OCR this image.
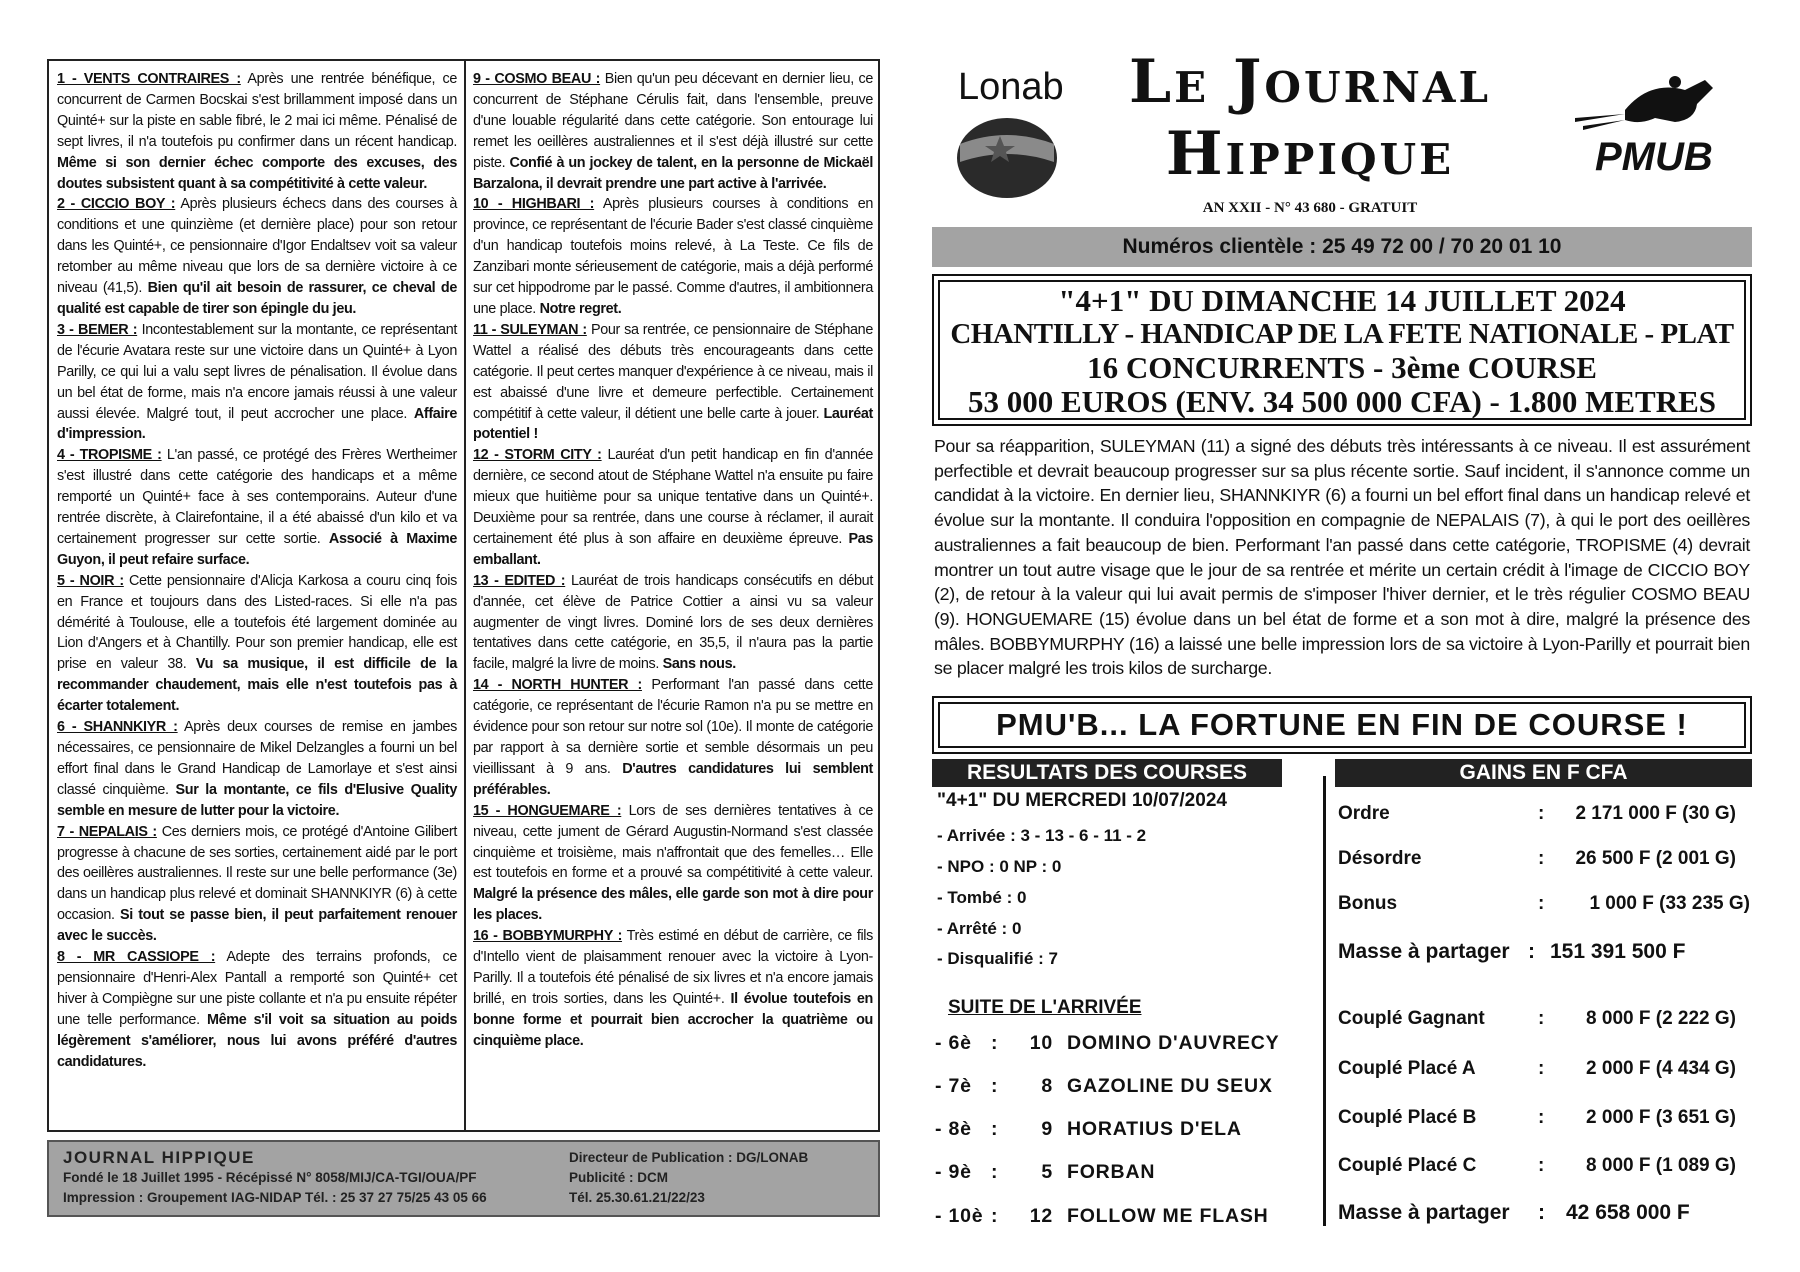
1 - VENTS CONTRAIRES : Après une rentrée bénéfique, ce concurrent de Carmen Bocskai s'est brillamment imposé dans un Quinté+ sur la piste en sable fibré, le 2 mai ici même. Pénalisé de sept livres, il n'a toutefois pu confirmer dans un récent handicap. Même si son dernier échec comporte des excuses, des doutes subsistent quant à sa compétitivité à cette valeur.
2 - CICCIO BOY : Après plusieurs échecs dans des courses à conditions et une quinzième (et dernière place) pour son retour dans les Quinté+, ce pensionnaire d'Igor Endaltsev voit sa valeur retomber au même niveau que lors de sa dernière victoire à ce niveau (41,5). Bien qu'il ait besoin de rassurer, ce cheval de qualité est capable de tirer son épingle du jeu.
3 - BEMER : Incontestablement sur la montante, ce représentant de l'écurie Avatara reste sur une victoire dans un Quinté+ à Lyon Parilly, ce qui lui a valu sept livres de pénalisation. Il évolue dans un bel état de forme, mais n'a encore jamais réussi à une valeur aussi élevée. Malgré tout, il peut accrocher une place. Affaire d'impression.
4 - TROPISME : L'an passé, ce protégé des Frères Wertheimer s'est illustré dans cette catégorie des handicaps et a même remporté un Quinté+ face à ses contemporains. Auteur d'une rentrée discrète, à Clairefontaine, il a été abaissé d'un kilo et va certainement progresser sur cette sortie. Associé à Maxime Guyon, il peut refaire surface.
5 - NOIR : Cette pensionnaire d'Alicja Karkosa a couru cinq fois en France et toujours dans des Listed-races. Si elle n'a pas démérité à Toulouse, elle a toutefois été largement dominée au Lion d'Angers et à Chantilly. Pour son premier handicap, elle est prise en valeur 38. Vu sa musique, il est difficile de la recommander chaudement, mais elle n'est toutefois pas à écarter totalement.
6 - SHANNKIYR : Après deux courses de remise en jambes nécessaires, ce pensionnaire de Mikel Delzangles a fourni un bel effort final dans le Grand Handicap de Lamorlaye et s'est ainsi classé cinquième. Sur la montante, ce fils d'Elusive Quality semble en mesure de lutter pour la victoire.
7 - NEPALAIS : Ces derniers mois, ce protégé d'Antoine Gilibert progresse à chacune de ses sorties, certainement aidé par le port des oeillères australiennes. Il reste sur une belle performance (3e) dans un handicap plus relevé et dominait SHANNKIYR (6) à cette occasion. Si tout se passe bien, il peut parfaitement renouer avec le succès.
8 - MR CASSIOPE : Adepte des terrains profonds, ce pensionnaire d'Henri-Alex Pantall a remporté son Quinté+ cet hiver à Compiègne sur une piste collante et n'a pu ensuite répéter une telle performance. Même s'il voit sa situation au poids légèrement s'améliorer, nous lui avons préféré d'autres candidatures.
9 - COSMO BEAU : Bien qu'un peu décevant en dernier lieu, ce concurrent de Stéphane Cérulis fait, dans l'ensemble, preuve d'une louable régularité dans cette catégorie. Son entourage lui remet les oeillères australiennes et il s'est déjà illustré sur cette piste. Confié à un jockey de talent, en la personne de Mickaël Barzalona, il devrait prendre une part active à l'arrivée.
10 - HIGHBARI : Après plusieurs courses à conditions en province, ce représentant de l'écurie Bader s'est classé cinquième d'un handicap toutefois moins relevé, à La Teste. Ce fils de Zanzibari monte sérieusement de catégorie, mais a déjà performé sur cet hippodrome par le passé. Comme d'autres, il ambitionnera une place. Notre regret.
11 - SULEYMAN : Pour sa rentrée, ce pensionnaire de Stéphane Wattel a réalisé des débuts très encourageants dans cette catégorie. Il peut certes manquer d'expérience à ce niveau, mais il est abaissé d'une livre et demeure perfectible. Certainement compétitif à cette valeur, il détient une belle carte à jouer. Lauréat potentiel !
12 - STORM CITY : Lauréat d'un petit handicap en fin d'année dernière, ce second atout de Stéphane Wattel n'a ensuite pu faire mieux que huitième pour sa unique tentative dans un Quinté+. Deuxième pour sa rentrée, dans une course à réclamer, il aurait certainement été plus à son affaire en deuxième épreuve. Pas emballant.
13 - EDITED : Lauréat de trois handicaps consécutifs en début d'année, cet élève de Patrice Cottier a ainsi vu sa valeur augmenter de vingt livres. Dominé lors de ses deux dernières tentatives dans cette catégorie, en 35,5, il n'aura pas la partie facile, malgré la livre de moins. Sans nous.
14 - NORTH HUNTER : Performant l'an passé dans cette catégorie, ce représentant de l'écurie Ramon n'a pu se mettre en évidence pour son retour sur notre sol (10e). Il monte de catégorie par rapport à sa dernière sortie et semble désormais un peu vieillissant à 9 ans. D'autres candidatures lui semblent préférables.
15 - HONGUEMARE : Lors de ses dernières tentatives à ce niveau, cette jument de Gérard Augustin-Normand s'est classée cinquième et troisième, mais n'affrontait que des femelles… Elle est toutefois en forme et a prouvé sa compétitivité à cette valeur. Malgré la présence des mâles, elle garde son mot à dire pour les places.
16 - BOBBYMURPHY : Très estimé en début de carrière, ce fils d'Intello vient de plaisamment renouer avec la victoire à Lyon-Parilly. Il a toutefois été pénalisé de six livres et n'a encore jamais brillé, en trois sorties, dans les Quinté+. Il évolue toutefois en bonne forme et pourrait bien accrocher la quatrième ou cinquième place.
JOURNAL HIPPIQUE
Fondé le 18 Juillet 1995 - Récépissé N° 8058/MIJ/CA-TGI/OUA/PF
Impression : Groupement IAG-NIDAP Tél. : 25 37 27 75/25 43 05 66
Directeur de Publication : DG/LONAB
Publicité : DCM
Tél. 25.30.61.21/22/23
Lonab	Le Journal
Hippique
AN XXII - N° 43 680 - GRATUIT
PMUB
Numéros clientèle : 25 49 72 00 / 70 20 01 10
"4+1" DU DIMANCHE 14 JUILLET 2024
CHANTILLY - HANDICAP DE LA FETE NATIONALE - PLAT
16 CONCURRENTS - 3ème COURSE
53 000 EUROS (ENV. 34 500 000 CFA) - 1.800 METRES
Pour sa réapparition, SULEYMAN (11) a signé des débuts très intéressants à ce niveau. Il est assurément perfectible et devrait beaucoup progresser sur sa plus récente sortie. Sauf incident, il s'annonce comme un candidat à la victoire. En dernier lieu, SHANNKIYR (6) a fourni un bel effort final dans un handicap relevé et évolue sur la montante. Il conduira l'opposition en compagnie de NEPALAIS (7), à qui le port des oeillères australiennes a fait beaucoup de bien. Performant l'an passé dans cette catégorie, TROPISME (4) devrait montrer un tout autre visage que le jour de sa rentrée et mérite un certain crédit à l'image de CICCIO BOY (2), de retour à la valeur qui lui avait permis de s'imposer l'hiver dernier, et le très régulier COSMO BEAU (9). HONGUEMARE (15) évolue dans un bel état de forme et a son mot à dire, malgré la présence des mâles. BOBBYMURPHY (16) a laissé une belle impression lors de sa victoire à Lyon-Parilly et pourrait bien se placer malgré les trois kilos de surcharge.
PMU'B... LA FORTUNE EN FIN DE COURSE !
RESULTATS DES COURSES	GAINS EN F CFA
"4+1" DU MERCREDI 10/07/2024
- Arrivée : 3 - 13 - 6 - 11 - 2
- NPO : 0 NP : 0
- Tombé : 0
- Arrêté : 0
- Disqualifié : 7
SUITE DE L'ARRIVÉE
- 6è :	10 DOMINO D'AUVRECY
- 7è :	8 GAZOLINE DU SEUX
- 8è :	9 HORATIUS D'ELA
- 9è :	5 FORBAN
- 10è :	12 FOLLOW ME FLASH
Ordre	:	2 171 000 F (30 G)
Désordre	:	26 500 F (2 001 G)
Bonus	:	1 000 F (33 235 G)
Masse à partager : 151 391 500 F
Couplé Gagnant	:	8 000 F (2 222 G)
Couplé Placé A	:	2 000 F (4 434 G)
Couplé Placé B	:	2 000 F (3 651 G)
Couplé Placé C	:	8 000 F (1 089 G)
Masse à partager : 42 658 000 F
